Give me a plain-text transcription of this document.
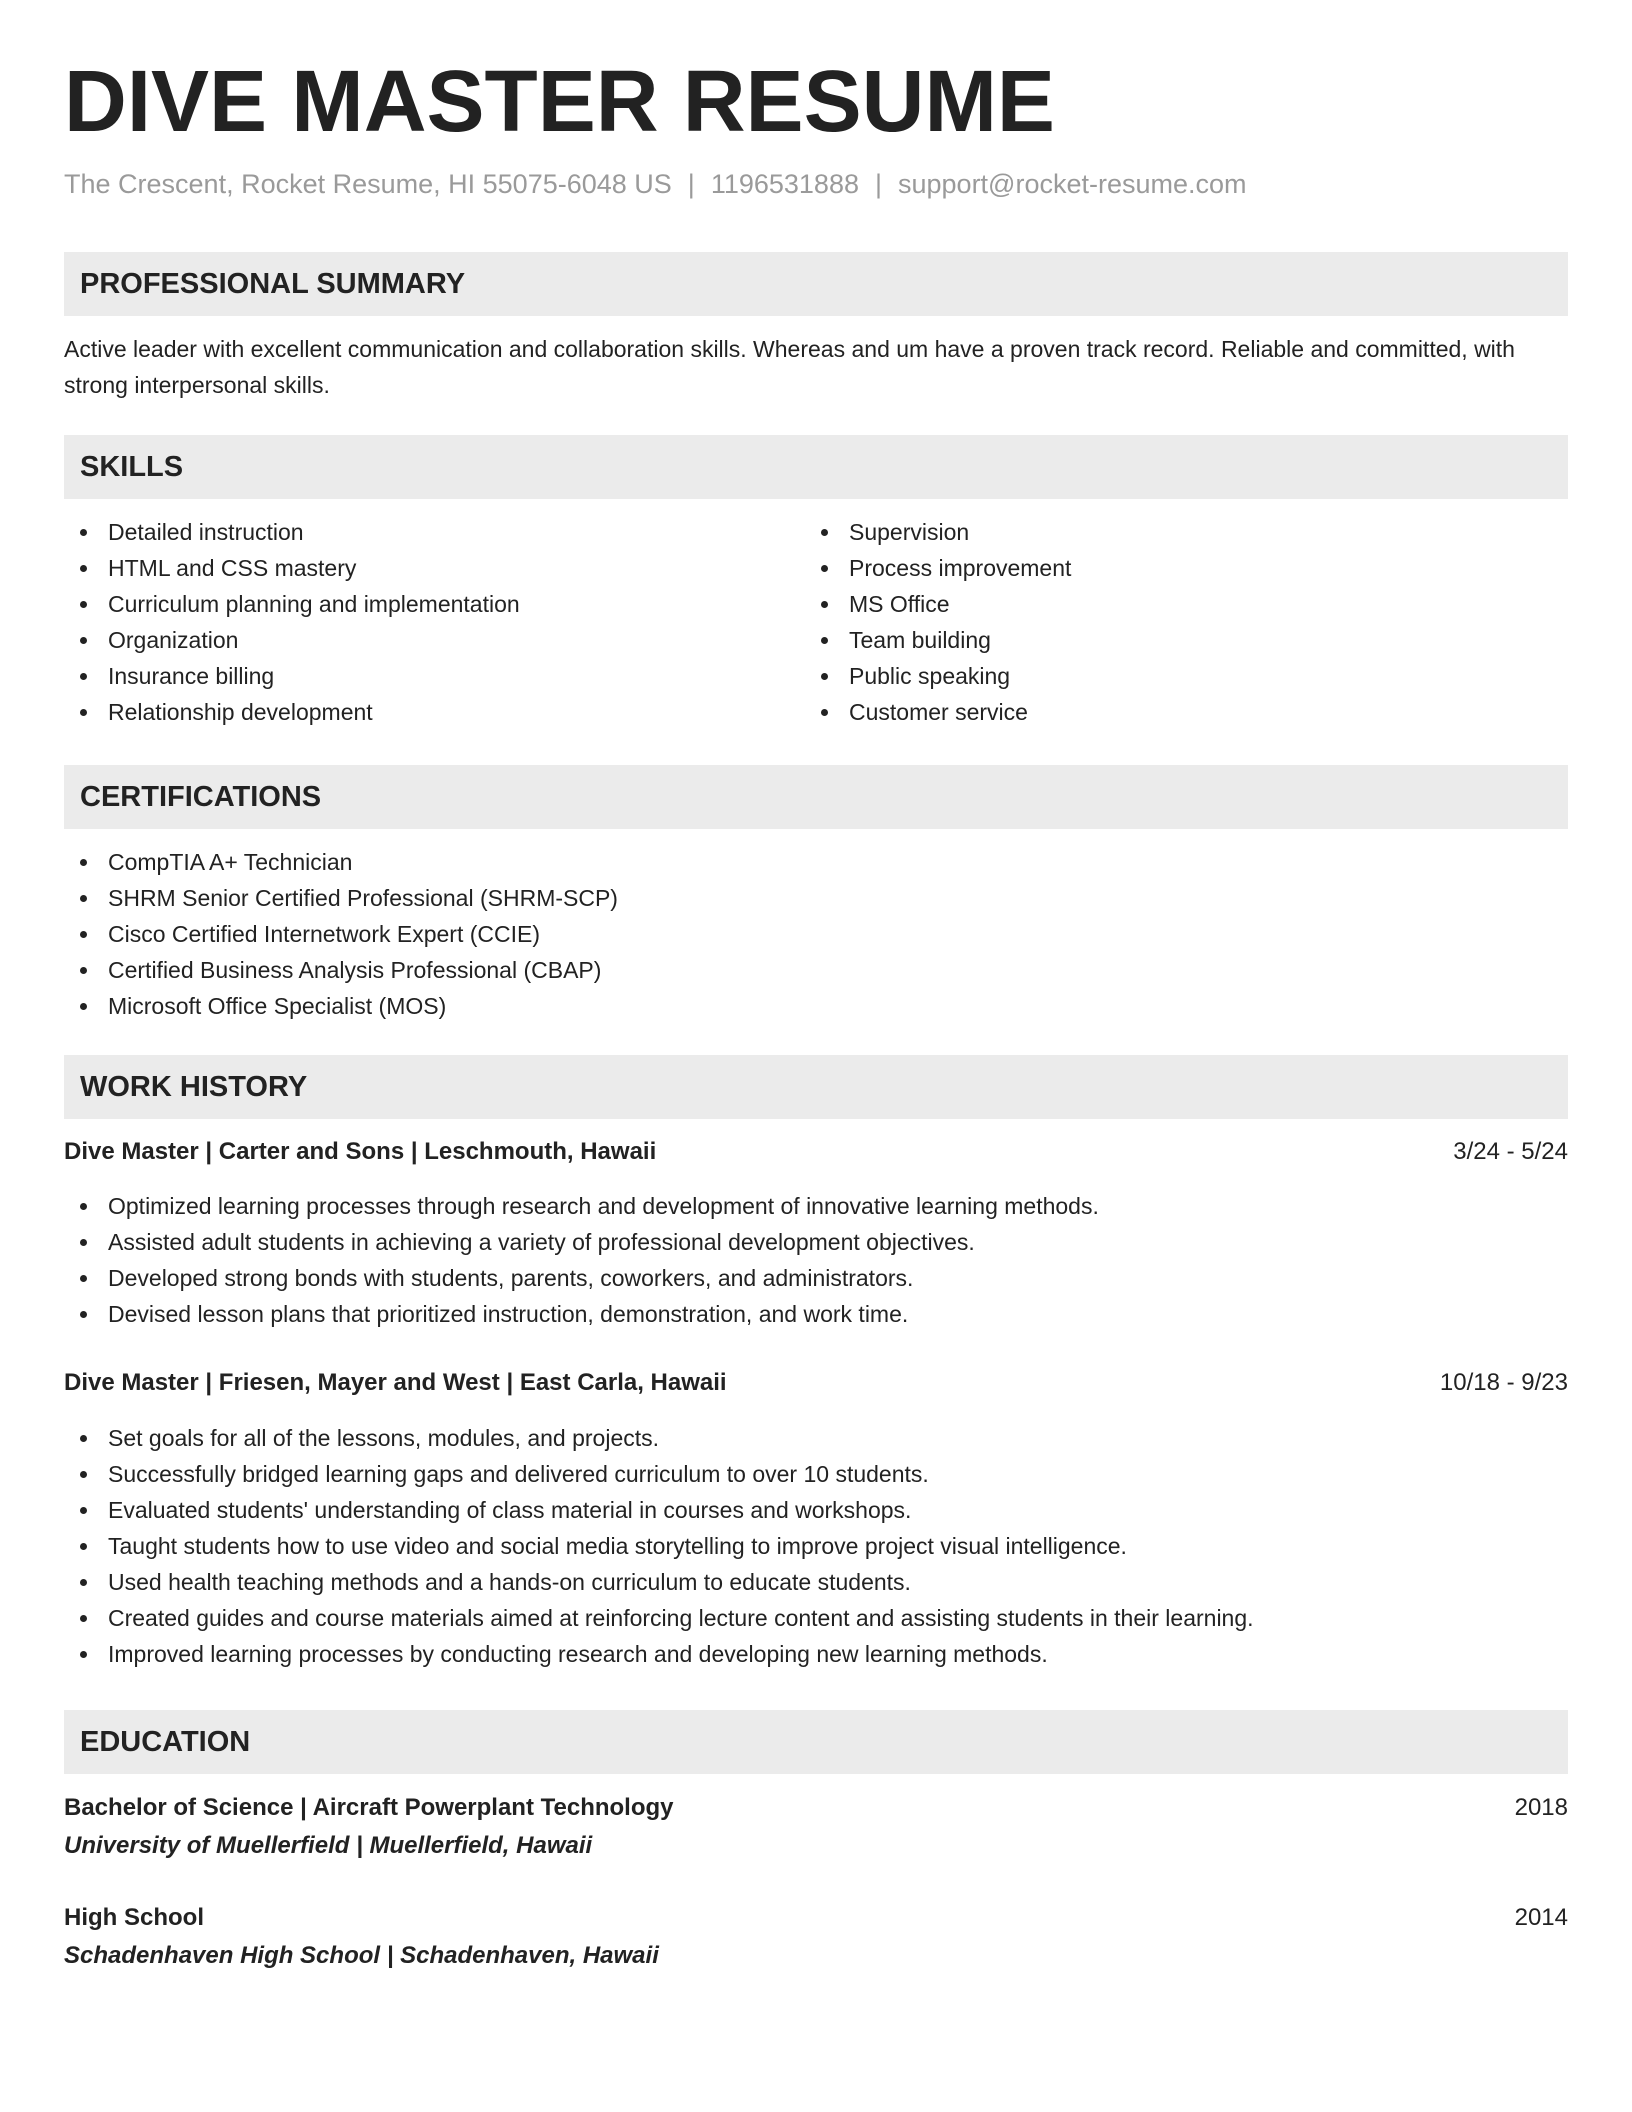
DIVE MASTER RESUME
The Crescent, Rocket Resume, HI 55075-6048 US | 1196531888 | support@rocket-resume.com
PROFESSIONAL SUMMARY

Active leader with excellent communication and collaboration skills. Whereas and um have a proven track record. Reliable and committed, with strong interpersonal skills.

SKILLS
Detailed instruction
HTML and CSS mastery
Curriculum planning and implementation
Organization
Insurance billing
Relationship development
Supervision
Process improvement
MS Office
Team building
Public speaking
Customer service
CERTIFICATIONS
CompTIA A+ Technician
SHRM Senior Certified Professional (SHRM-SCP)
Cisco Certified Internetwork Expert (CCIE)
Certified Business Analysis Professional (CBAP)
Microsoft Office Specialist (MOS)
WORK HISTORY
Dive Master | Carter and Sons | Leschmouth, Hawaii	3/24 - 5/24
Optimized learning processes through research and development of innovative learning methods.
Assisted adult students in achieving a variety of professional development objectives.
Developed strong bonds with students, parents, coworkers, and administrators.
Devised lesson plans that prioritized instruction, demonstration, and work time.
Dive Master | Friesen, Mayer and West | East Carla, Hawaii	10/18 - 9/23
Set goals for all of the lessons, modules, and projects.
Successfully bridged learning gaps and delivered curriculum to over 10 students.
Evaluated students' understanding of class material in courses and workshops.
Taught students how to use video and social media storytelling to improve project visual intelligence.
Used health teaching methods and a hands-on curriculum to educate students.
Created guides and course materials aimed at reinforcing lecture content and assisting students in their learning.
Improved learning processes by conducting research and developing new learning methods.
EDUCATION
Bachelor of Science | Aircraft Powerplant Technology	2018
University of Muellerfield | Muellerfield, Hawaii
High School	2014
Schadenhaven High School | Schadenhaven, Hawaii
